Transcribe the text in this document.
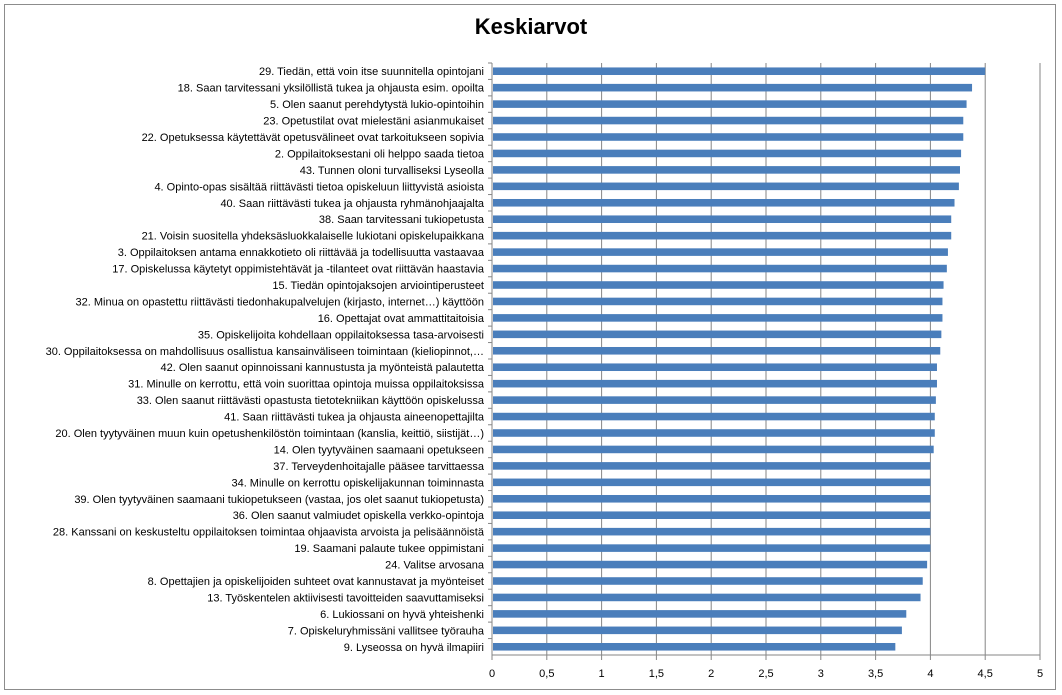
Keskiarvot
29. Tiedän, että voin itse suunnitella opintojani
18. Saan tarvitessani yksilöllistä tukea ja ohjausta esim. opoilta
5. Olen saanut perehdytystä lukio-opintoihin
23. Opetustilat ovat mielestäni asianmukaiset
22. Opetuksessa käytettävät opetusvälineet ovat tarkoitukseen sopivia
2. Oppilaitoksestani oli helppo saada tietoa
43. Tunnen oloni turvalliseksi Lyseolla
4. Opinto-opas sisältää riittävästi tietoa opiskeluun liittyvistä asioista
40. Saan riittävästi tukea ja ohjausta ryhmänohjaajalta
38. Saan tarvitessani tukiopetusta
21. Voisin suositella yhdeksäsluokkalaiselle lukiotani opiskelupaikkana
3. Oppilaitoksen antama ennakkotieto oli riittävää ja todellisuutta vastaavaa
17. Opiskelussa käytetyt oppimistehtävät ja -tilanteet ovat riittävän haastavia
15. Tiedän opintojaksojen arviointiperusteet
32. Minua on opastettu riittävästi tiedonhakupalvelujen (kirjasto, internet…) käyttöön
16. Opettajat ovat ammattitaitoisia
35. Opiskelijoita kohdellaan oppilaitoksessa tasa-arvoisesti
30. Oppilaitoksessa on mahdollisuus osallistua kansainväliseen toimintaan (kieliopinnot,…
42. Olen saanut opinnoissani kannustusta ja myönteistä palautetta
31. Minulle on kerrottu, että voin suorittaa opintoja muissa oppilaitoksissa
33. Olen saanut riittävästi opastusta tietotekniikan käyttöön opiskelussa
41. Saan riittävästi tukea ja ohjausta aineenopettajilta
20. Olen tyytyväinen muun kuin opetushenkilöstön toimintaan (kanslia, keittiö, siistijät…)
14. Olen tyytyväinen saamaani opetukseen
37. Terveydenhoitajalle pääsee tarvittaessa
34. Minulle on kerrottu opiskelijakunnan toiminnasta
39. Olen tyytyväinen saamaani tukiopetukseen (vastaa, jos olet saanut tukiopetusta)
36. Olen saanut valmiudet opiskella verkko-opintoja
28. Kanssani on keskusteltu oppilaitoksen toimintaa ohjaavista arvoista ja pelisäännöistä
19. Saamani palaute tukee oppimistani
24. Valitse arvosana
8. Opettajien ja opiskelijoiden suhteet ovat kannustavat ja myönteiset
13. Työskentelen aktiivisesti tavoitteiden saavuttamiseksi
6. Lukiossani on hyvä yhteishenki
7. Opiskeluryhmissäni vallitsee työrauha
9. Lyseossa on hyvä ilmapiiri
0	0,5	1	1,5	2	2,5	3	3,5	4	4,5	5
